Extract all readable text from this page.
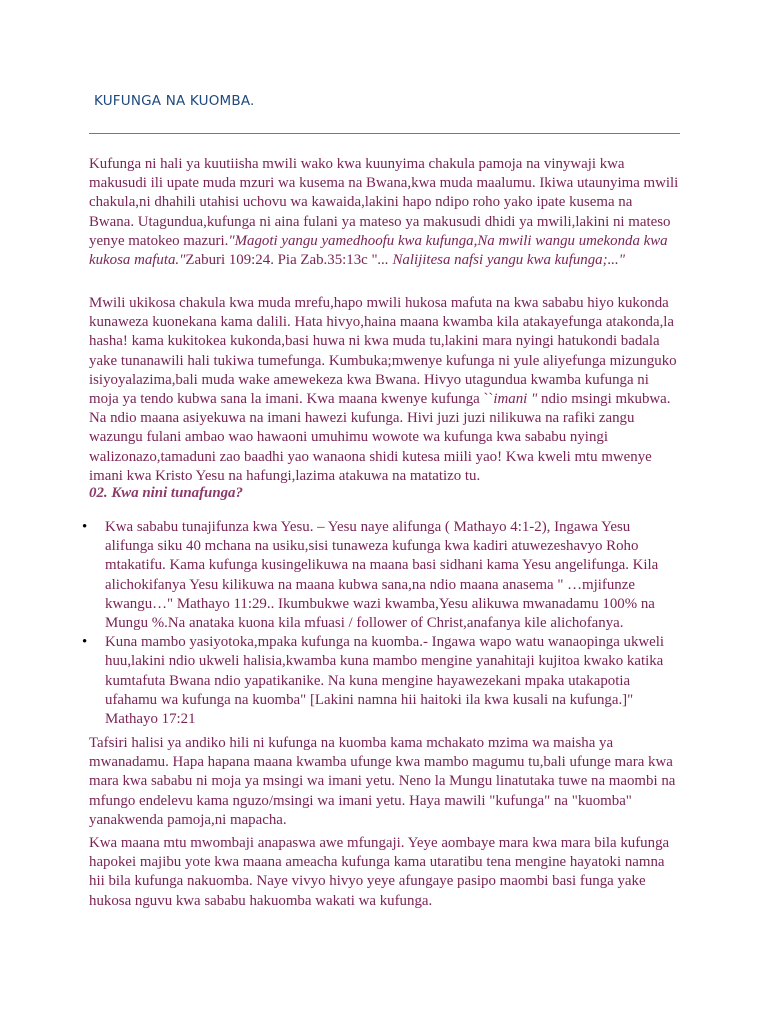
KUFUNGA NA KUOMBA.

Kufunga ni hali ya kuutiisha mwili wako kwa kuunyima chakula pamoja na vinywaji kwa makusudi ili upate muda mzuri wa kusema na Bwana,kwa muda maalumu. Ikiwa utaunyima mwili chakula,ni dhahili utahisi uchovu wa kawaida,lakini hapo ndipo roho yako ipate kusema na Bwana. Utagundua,kufunga ni aina fulani ya mateso ya makusudi dhidi ya mwili,lakini ni mateso yenye matokeo mazuri."Magoti yangu yamedhoofu kwa kufunga,Na mwili wangu umekonda kwa kukosa mafuta."Zaburi 109:24. Pia Zab.35:13c "... Nalijitesa nafsi yangu kwa kufunga;..."

Mwili ukikosa chakula kwa muda mrefu,hapo mwili hukosa mafuta na kwa sababu hiyo kukonda kunaweza kuonekana kama dalili. Hata hivyo,haina maana kwamba kila atakayefunga atakonda,la hasha! kama kukitokea kukonda,basi huwa ni kwa muda tu,lakini mara nyingi hatukondi badala yake tunanawili hali tukiwa tumefunga. Kumbuka;mwenye kufunga ni yule aliyefunga mizunguko isiyoyalazima,bali muda wake amewekeza kwa Bwana. Hivyo utagundua kwamba kufunga ni moja ya tendo kubwa sana la imani. Kwa maana kwenye kufunga ``imani " ndio msingi mkubwa. Na ndio maana asiyekuwa na imani hawezi kufunga. Hivi juzi juzi nilikuwa na rafiki zangu wazungu fulani ambao wao hawaoni umuhimu wowote wa kufunga kwa sababu nyingi walizonazo,tamaduni zao baadhi yao wanaona shidi kutesa miili yao! Kwa kweli mtu mwenye imani kwa Kristo Yesu na hafungi,lazima atakuwa na matatizo tu.

02. Kwa nini tunafunga?
• Kwa sababu tunajifunza kwa Yesu. – Yesu naye alifunga ( Mathayo 4:1-2), Ingawa Yesu alifunga siku 40 mchana na usiku,sisi tunaweza kufunga kwa kadiri atuwezeshavyo Roho mtakatifu. Kama kufunga kusingelikuwa na maana basi sidhani kama Yesu angelifunga. Kila alichokifanya Yesu kilikuwa na maana kubwa sana,na ndio maana anasema " …mjifunze kwangu…" Mathayo 11:29.. Ikumbukwe wazi kwamba,Yesu alikuwa mwanadamu 100% na Mungu %.Na anataka kuona kila mfuasi / follower of Christ,anafanya kile alichofanya.
• Kuna mambo yasiyotoka,mpaka kufunga na kuomba.- Ingawa wapo watu wanaopinga ukweli huu,lakini ndio ukweli halisia,kwamba kuna mambo mengine yanahitaji kujitoa kwako katika kumtafuta Bwana ndio yapatikanike. Na kuna mengine hayawezekani mpaka utakapotia ufahamu wa kufunga na kuomba" [Lakini namna hii haitoki ila kwa kusali na kufunga.]" Mathayo 17:21

Tafsiri halisi ya andiko hili ni kufunga na kuomba kama mchakato mzima wa maisha ya mwanadamu. Hapa hapana maana kwamba ufunge kwa mambo magumu tu,bali ufunge mara kwa mara kwa sababu ni moja ya msingi wa imani yetu. Neno la Mungu linatutaka tuwe na maombi na mfungo endelevu kama nguzo/msingi wa imani yetu. Haya mawili "kufunga" na "kuomba" yanakwenda pamoja,ni mapacha.

Kwa maana mtu mwombaji anapaswa awe mfungaji. Yeye aombaye mara kwa mara bila kufunga hapokei majibu yote kwa maana ameacha kufunga kama utaratibu tena mengine hayatoki namna hii bila kufunga nakuomba. Naye vivyo hivyo yeye afungaye pasipo maombi basi funga yake hukosa nguvu kwa sababu hakuomba wakati wa kufunga.
